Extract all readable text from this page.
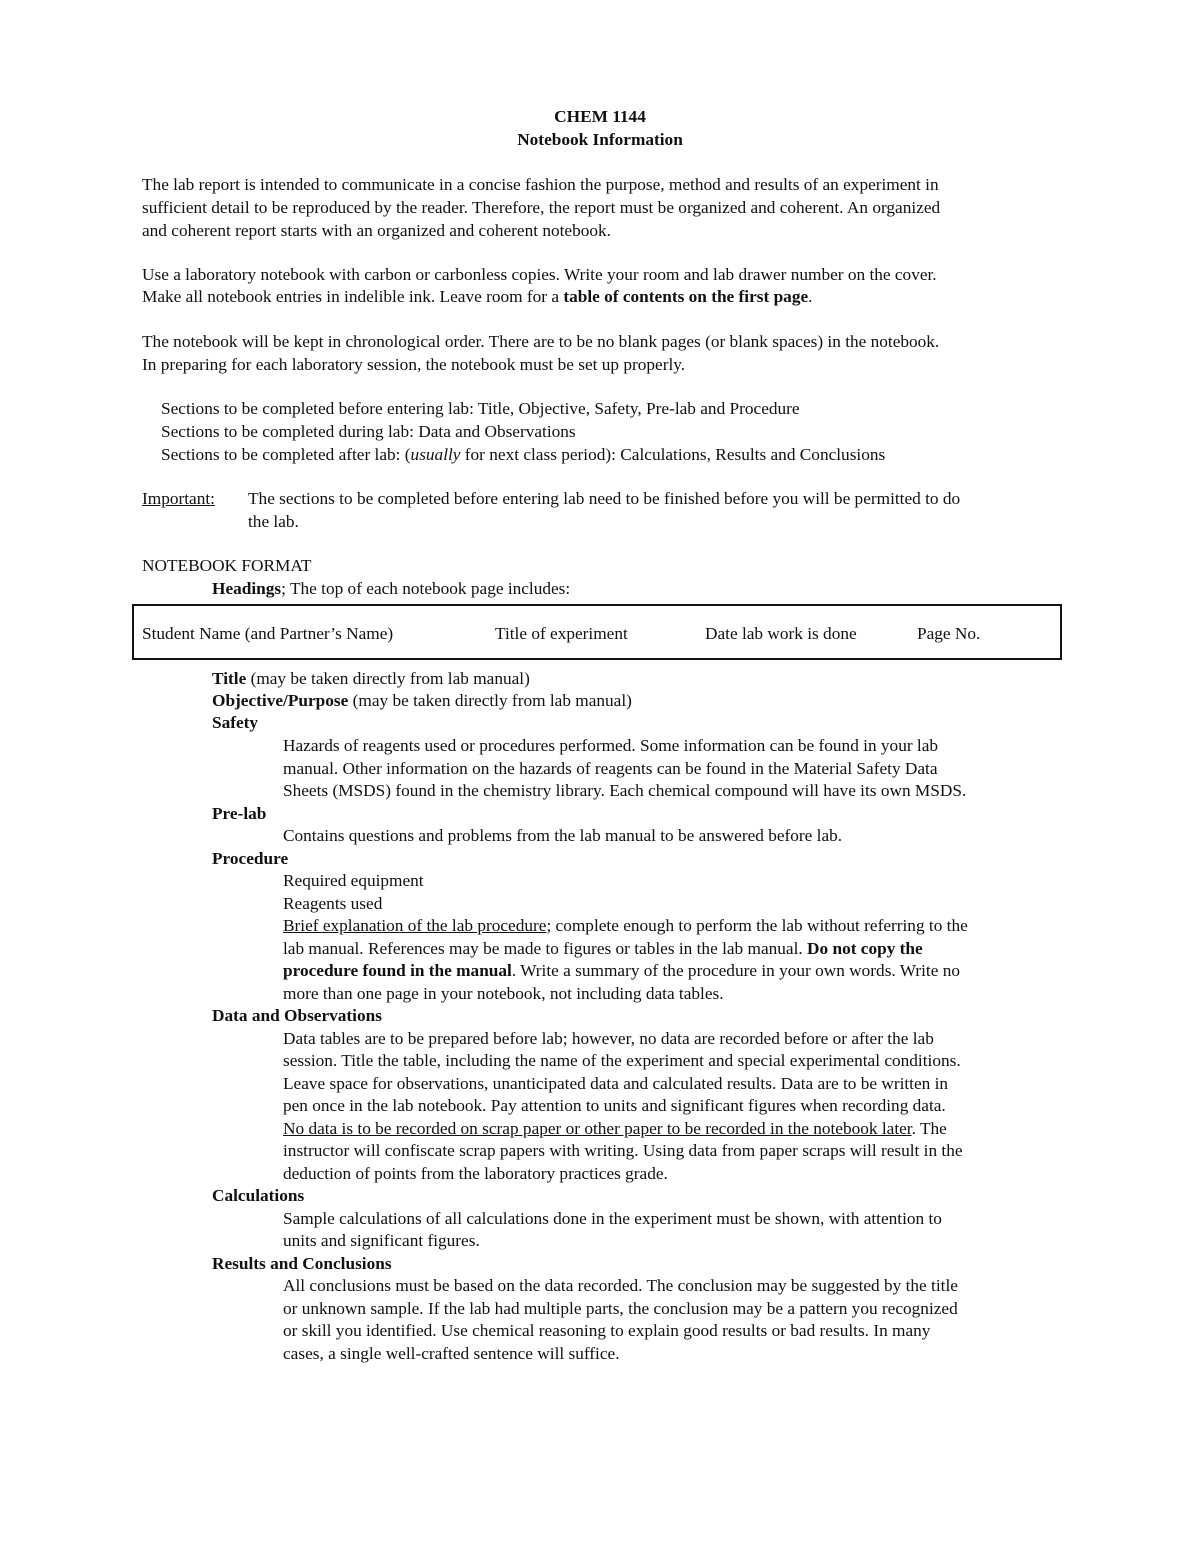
CHEM 1144
Notebook Information
The lab report is intended to communicate in a concise fashion the purpose, method and results of an experiment in
sufficient detail to be reproduced by the reader. Therefore, the report must be organized and coherent. An organized
and coherent report starts with an organized and coherent notebook.
Use a laboratory notebook with carbon or carbonless copies. Write your room and lab drawer number on the cover.
Make all notebook entries in indelible ink. Leave room for a table of contents on the first page.
The notebook will be kept in chronological order. There are to be no blank pages (or blank spaces) in the notebook.
In preparing for each laboratory session, the notebook must be set up properly.
Sections to be completed before entering lab: Title, Objective, Safety, Pre-lab and Procedure
Sections to be completed during lab: Data and Observations
Sections to be completed after lab: (usually for next class period): Calculations, Results and Conclusions
Important: The sections to be completed before entering lab need to be finished before you will be permitted to do
the lab.
NOTEBOOK FORMAT
Headings; The top of each notebook page includes:
Student Name (and Partner’s Name)	Title of experiment	Date lab work is done	Page No.
Title (may be taken directly from lab manual)
Objective/Purpose (may be taken directly from lab manual)
Safety
Hazards of reagents used or procedures performed. Some information can be found in your lab
manual. Other information on the hazards of reagents can be found in the Material Safety Data
Sheets (MSDS) found in the chemistry library. Each chemical compound will have its own MSDS.
Pre-lab
Contains questions and problems from the lab manual to be answered before lab.
Procedure
Required equipment
Reagents used
Brief explanation of the lab procedure; complete enough to perform the lab without referring to the
lab manual. References may be made to figures or tables in the lab manual. Do not copy the
procedure found in the manual. Write a summary of the procedure in your own words. Write no
more than one page in your notebook, not including data tables.
Data and Observations
Data tables are to be prepared before lab; however, no data are recorded before or after the lab
session. Title the table, including the name of the experiment and special experimental conditions.
Leave space for observations, unanticipated data and calculated results. Data are to be written in
pen once in the lab notebook. Pay attention to units and significant figures when recording data.
No data is to be recorded on scrap paper or other paper to be recorded in the notebook later. The
instructor will confiscate scrap papers with writing. Using data from paper scraps will result in the
deduction of points from the laboratory practices grade.
Calculations
Sample calculations of all calculations done in the experiment must be shown, with attention to
units and significant figures.
Results and Conclusions
All conclusions must be based on the data recorded. The conclusion may be suggested by the title
or unknown sample. If the lab had multiple parts, the conclusion may be a pattern you recognized
or skill you identified. Use chemical reasoning to explain good results or bad results. In many
cases, a single well-crafted sentence will suffice.
